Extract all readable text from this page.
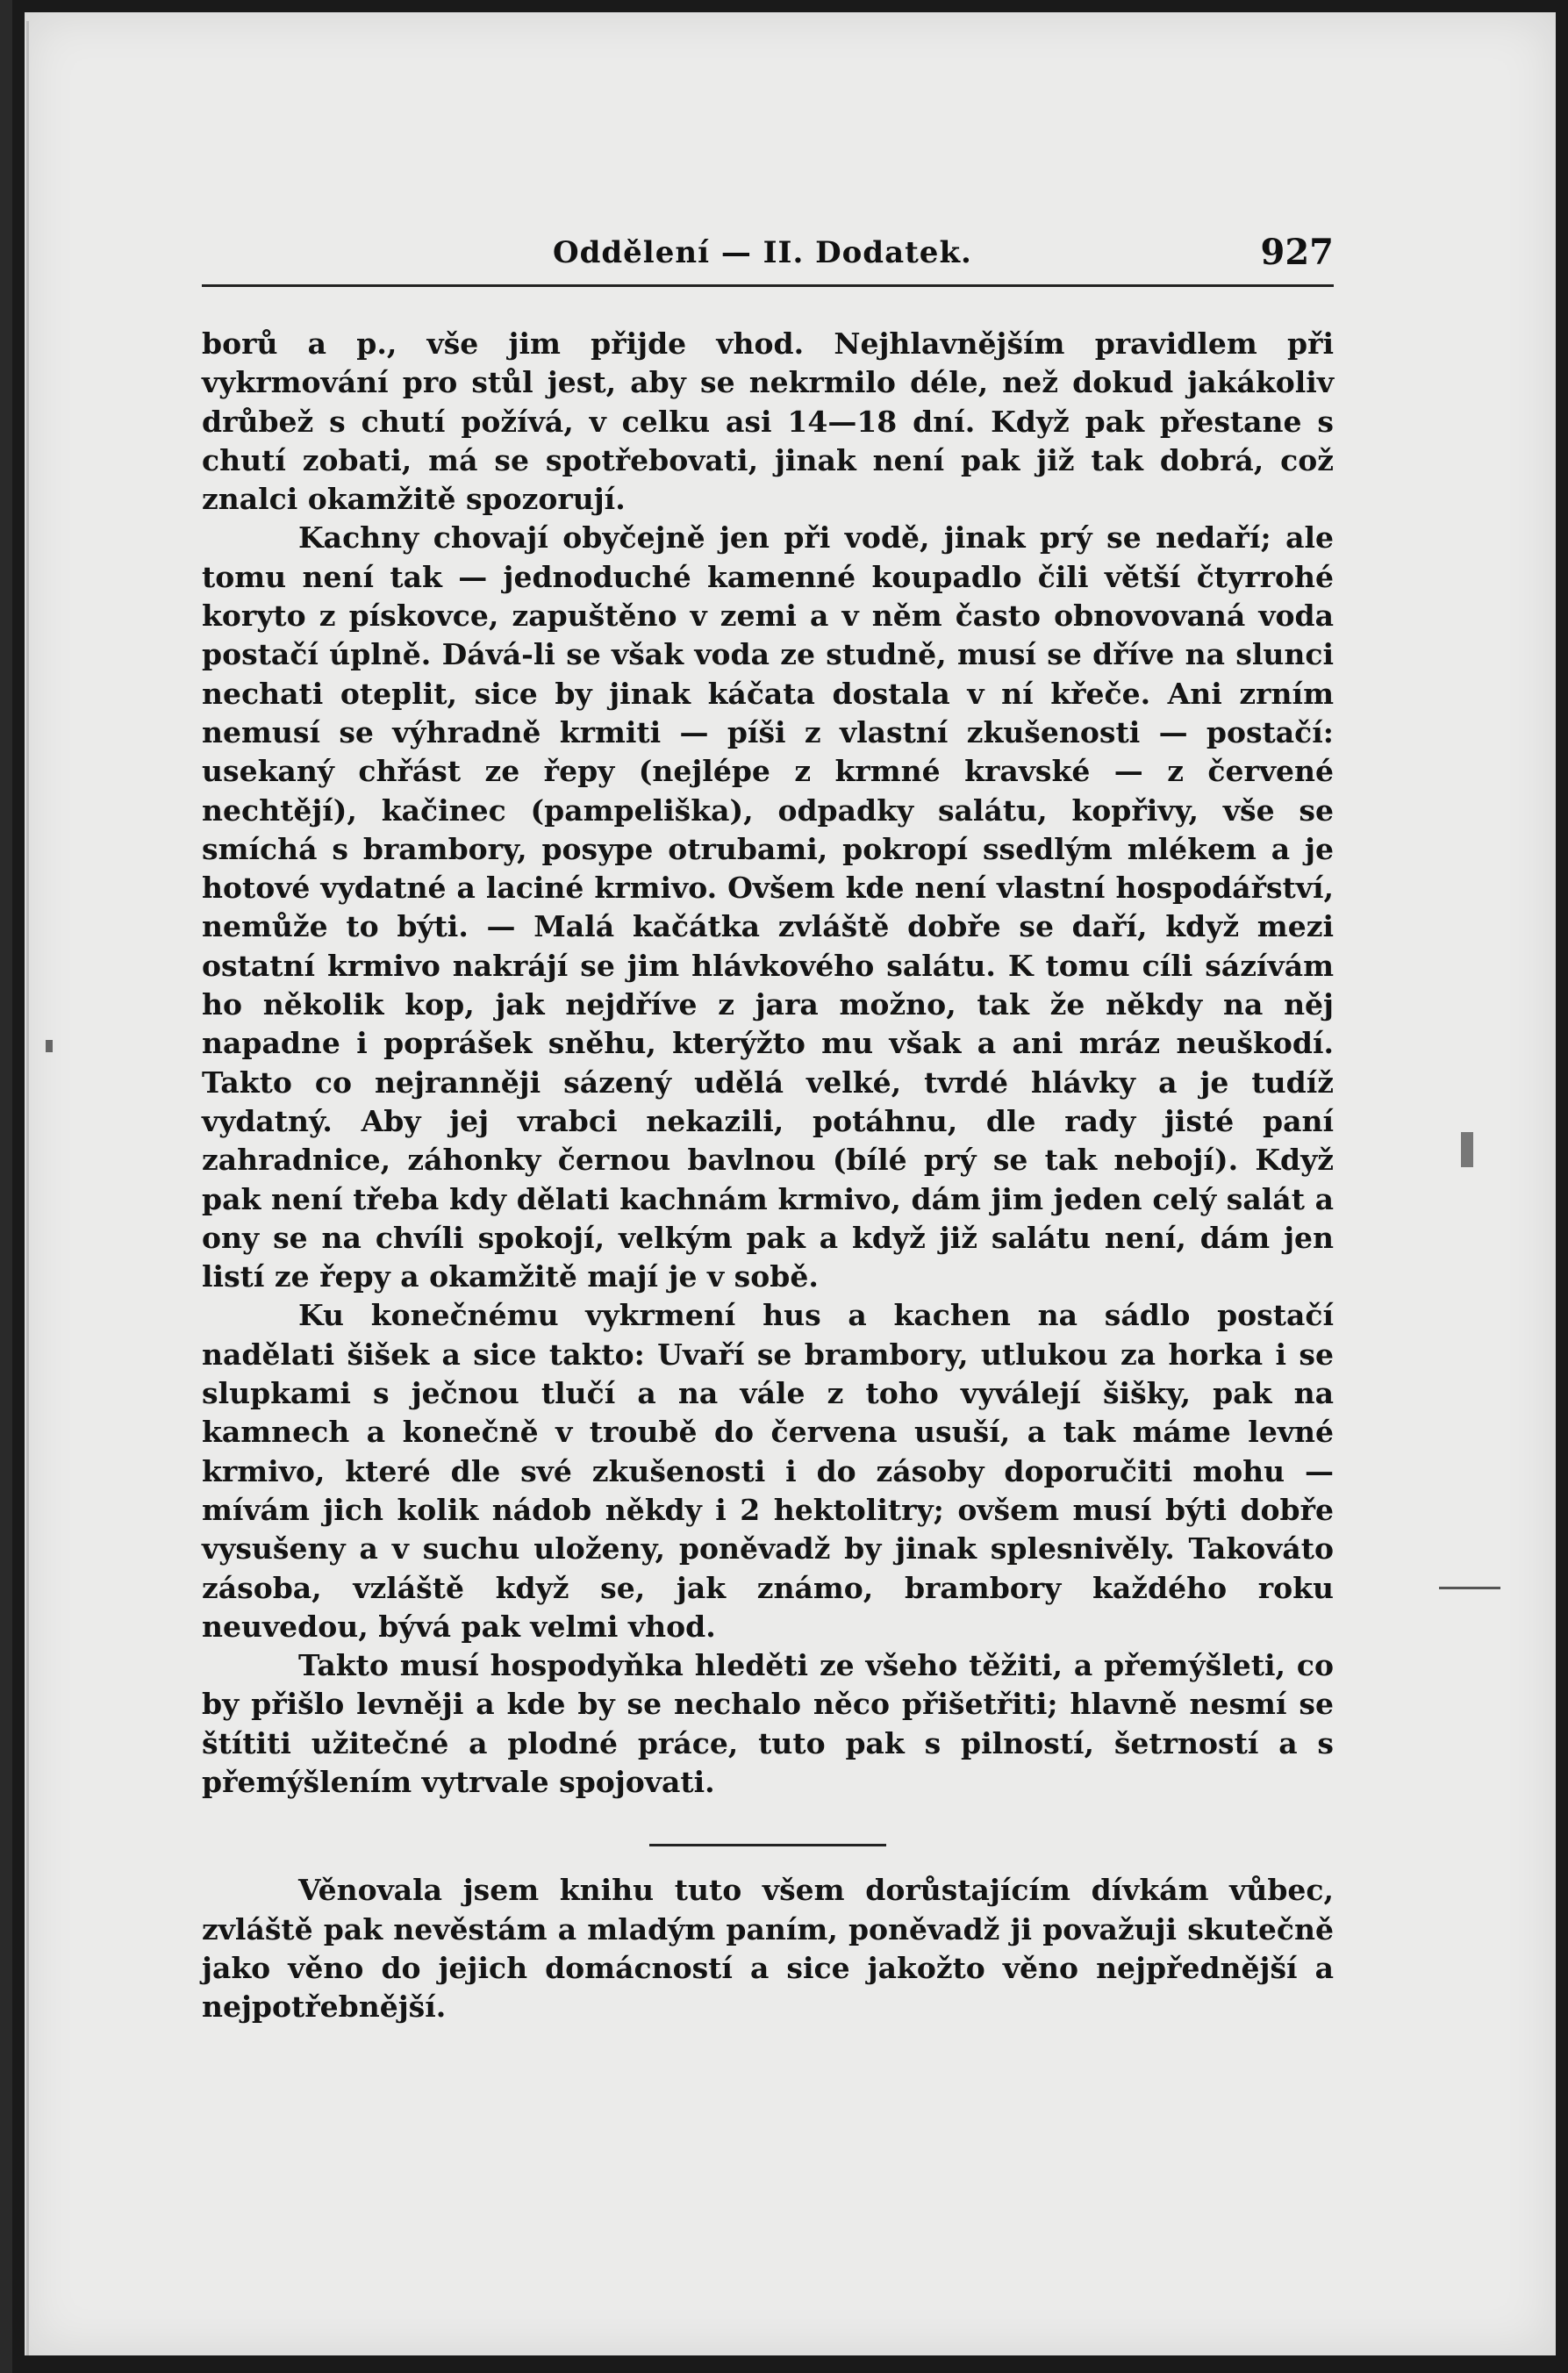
Oddělení — II. Dodatek.	927

borů a p., vše jim přijde vhod. Nejhlavnějším pravidlem při vykrmování pro stůl jest, aby se nekrmilo déle, než dokud jakákoliv drůbež s chutí požívá, v celku asi 14—18 dní. Když pak přestane s chutí zobati, má se spotřebovati, jinak není pak již tak dobrá, což znalci okamžitě spozorují.

Kachny chovají obyčejně jen při vodě, jinak prý se nedaří; ale tomu není tak — jednoduché kamenné koupadlo čili větší čtyrrohé koryto z pískovce, zapuštěno v zemi a v něm často obnovovaná voda postačí úplně. Dává-li se však voda ze studně, musí se dříve na slunci nechati oteplit, sice by jinak káčata dostala v ní křeče. Ani zrním nemusí se výhradně krmiti — píši z vlastní zkušenosti — postačí: usekaný chřást ze řepy (nejlépe z krmné kravské — z červené nechtějí), kačinec (pampeliška), odpadky salátu, kopřivy, vše se smíchá s brambory, posype otrubami, pokropí ssedlým mlékem a je hotové vydatné a laciné krmivo. Ovšem kde není vlastní hospodářství, nemůže to býti. — Malá kačátka zvláště dobře se daří, když mezi ostatní krmivo nakrájí se jim hlávkového salátu. K tomu cíli sázívám ho několik kop, jak nejdříve z jara možno, tak že někdy na něj napadne i poprášek sněhu, kterýžto mu však a ani mráz neuškodí. Takto co nejranněji sázený udělá velké, tvrdé hlávky a je tudíž vydatný. Aby jej vrabci nekazili, potáhnu, dle rady jisté paní zahradnice, záhonky černou bavlnou (bílé prý se tak nebojí). Když pak není třeba kdy dělati kachnám krmivo, dám jim jeden celý salát a ony se na chvíli spokojí, velkým pak a když již salátu není, dám jen listí ze řepy a okamžitě mají je v sobě.

Ku konečnému vykrmení hus a kachen na sádlo postačí nadělati šišek a sice takto: Uvaří se brambory, utlukou za horka i se slupkami s ječnou tlučí a na vále z toho vyválejí šišky, pak na kamnech a konečně v troubě do červena usuší, a tak máme levné krmivo, které dle své zkušenosti i do zásoby doporučiti mohu — mívám jich kolik nádob někdy i 2 hektolitry; ovšem musí býti dobře vysušeny a v suchu uloženy, poněvadž by jinak splesnivěly. Takováto zásoba, vzláště když se, jak známo, brambory každého roku neuvedou, bývá pak velmi vhod.

Takto musí hospodyňka hleděti ze všeho těžiti, a přemýšleti, co by přišlo levněji a kde by se nechalo něco přišetřiti; hlavně nesmí se štítiti užitečné a plodné práce, tuto pak s pilností, šetrností a s přemýšlením vytrvale spojovati.

Věnovala jsem knihu tuto všem dorůstajícím dívkám vůbec, zvláště pak nevěstám a mladým paním, poněvadž ji považuji skutečně jako věno do jejich domácností a sice jakožto věno nejpřednější a nejpotřebnější.
